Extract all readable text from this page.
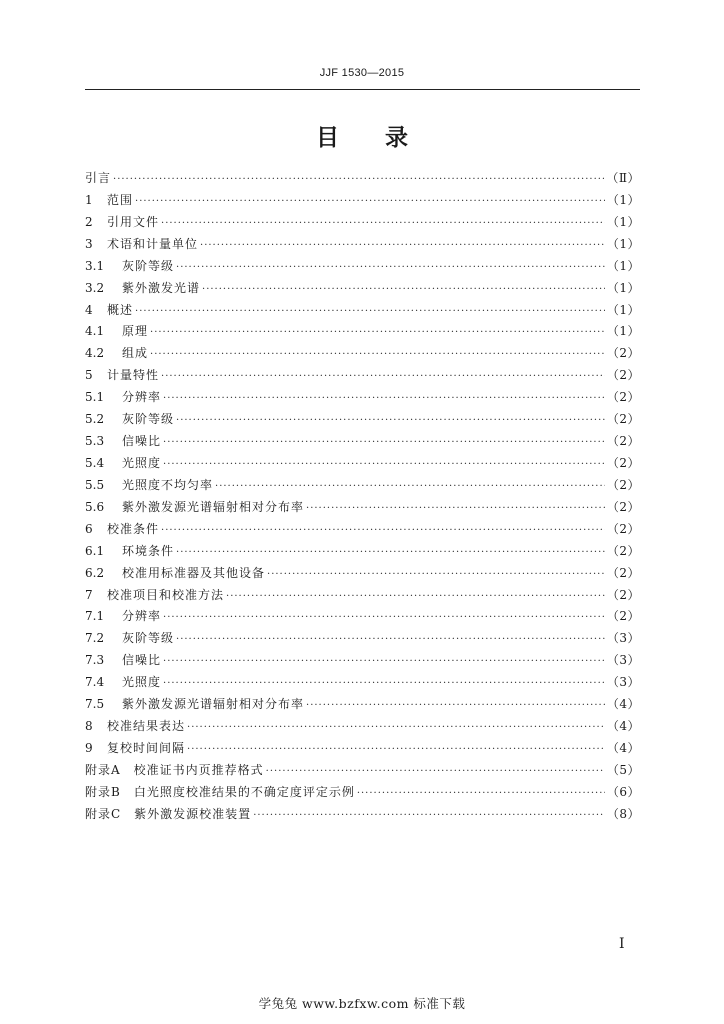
JJF 1530—2015
目录
引言 ·····	（Ⅱ）
1	范围 ·····	（1）
2	引用文件 ·····	（1）
3	术语和计量单位 ·····	（1）
3.1	灰阶等级 ·····	（1）
3.2	紫外激发光谱 ·····	（1）
4	概述 ·····	（1）
4.1	原理 ·····	（1）
4.2	组成 ·····	（2）
5	计量特性 ·····	（2）
5.1	分辨率 ·····	（2）
5.2	灰阶等级 ·····	（2）
5.3	信噪比 ·····	（2）
5.4	光照度 ·····	（2）
5.5	光照度不均匀率 ·····	（2）
5.6	紫外激发源光谱辐射相对分布率 ·····	（2）
6	校准条件 ·····	（2）
6.1	环境条件 ·····	（2）
6.2	校准用标准器及其他设备 ·····	（2）
7	校准项目和校准方法 ·····	（2）
7.1	分辨率 ·····	（2）
7.2	灰阶等级 ·····	（3）
7.3	信噪比 ·····	（3）
7.4	光照度 ·····	（3）
7.5	紫外激发源光谱辐射相对分布率 ·····	（4）
8	校准结果表达 ·····	（4）
9	复校时间间隔 ·····	（4）
附录A　校准证书内页推荐格式 ·····	（5）
附录B　白光照度校准结果的不确定度评定示例 ·····	（6）
附录C　紫外激发源校准装置 ·····	（8）
Ⅰ
学兔兔 www.bzfxw.com 标准下载
